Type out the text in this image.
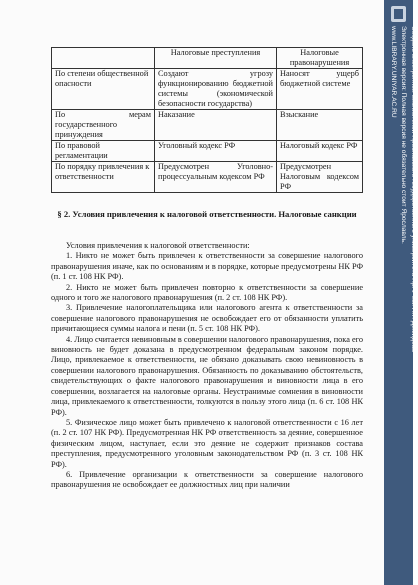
	Налоговые преступления	Налоговые правонарушения
По степени общественной опасности	Создают угрозу функционированию бюджетной системы (экономической безопасности государства)	Наносят ущерб бюджетной системе
По мерам государственного принуждения	Наказание	Взыскание
По правовой регламентации	Уголовный кодекс РФ	Налоговый кодекс РФ
По порядку привлечения к ответственности	Предусмотрен Уголовно-процессуальным кодексом РФ	Предусмотрен Налоговым кодексом РФ
§ 2. Условия привлечения к налоговой ответственности. Налоговые санкции

Условия привлечения к налоговой ответственности:

1. Никто не может быть привлечен к ответственности за совершение налогового правонарушения иначе, как по основаниям и в порядке, которые предусмотрены НК РФ (п. 1 ст. 108 НК РФ).

2. Никто не может быть привлечен повторно к ответственности за совершение одного и того же налогового правонарушения (п. 2 ст. 108 НК РФ).

3. Привлечение налогоплательщика или налогового агента к ответственности за совершение налогового правонарушения не освобождает его от обязанности уплатить причитающиеся суммы налога и пени (п. 5 ст. 108 НК РФ).

4. Лицо считается невиновным в совершении налогового правонарушения, пока его виновность не будет доказана в предусмотренном федеральным законом порядке. Лицо, привлекаемое к ответственности, не обязано доказывать свою невиновность в совершении налогового правонарушения. Обязанность по доказыванию обстоятельств, свидетельствующих о факте налогового правонарушения и виновности лица в его совершении, возлагается на налоговые органы. Неустранимые сомнения в виновности лица, привлекаемого к ответственности, толкуются в пользу этого лица (п. 6 ст. 108 НК РФ).

5. Физическое лицо может быть привлечено к налоговой ответственности с 16 лет (п. 2 ст. 107 НК РФ). Предусмотренная НК РФ ответственность за деяние, совершенное физическим лицом, наступает, если это деяние не содержит признаков состава преступления, предусмотренного уголовным законодательством РФ (п. 3 ст. 108 НК РФ).

6. Привлечение организации к ответственности за совершение налогового правонарушения не освобождает ее должностных лиц при наличии

Создано электронной библиотекой Ярославского государственного университета ЯрГУ им. П.Г. Демидова
Электронная версия: Полная версия не обязательно стоит Ярославль.
www.LIBRARY.UNIYAR.AC.RU
